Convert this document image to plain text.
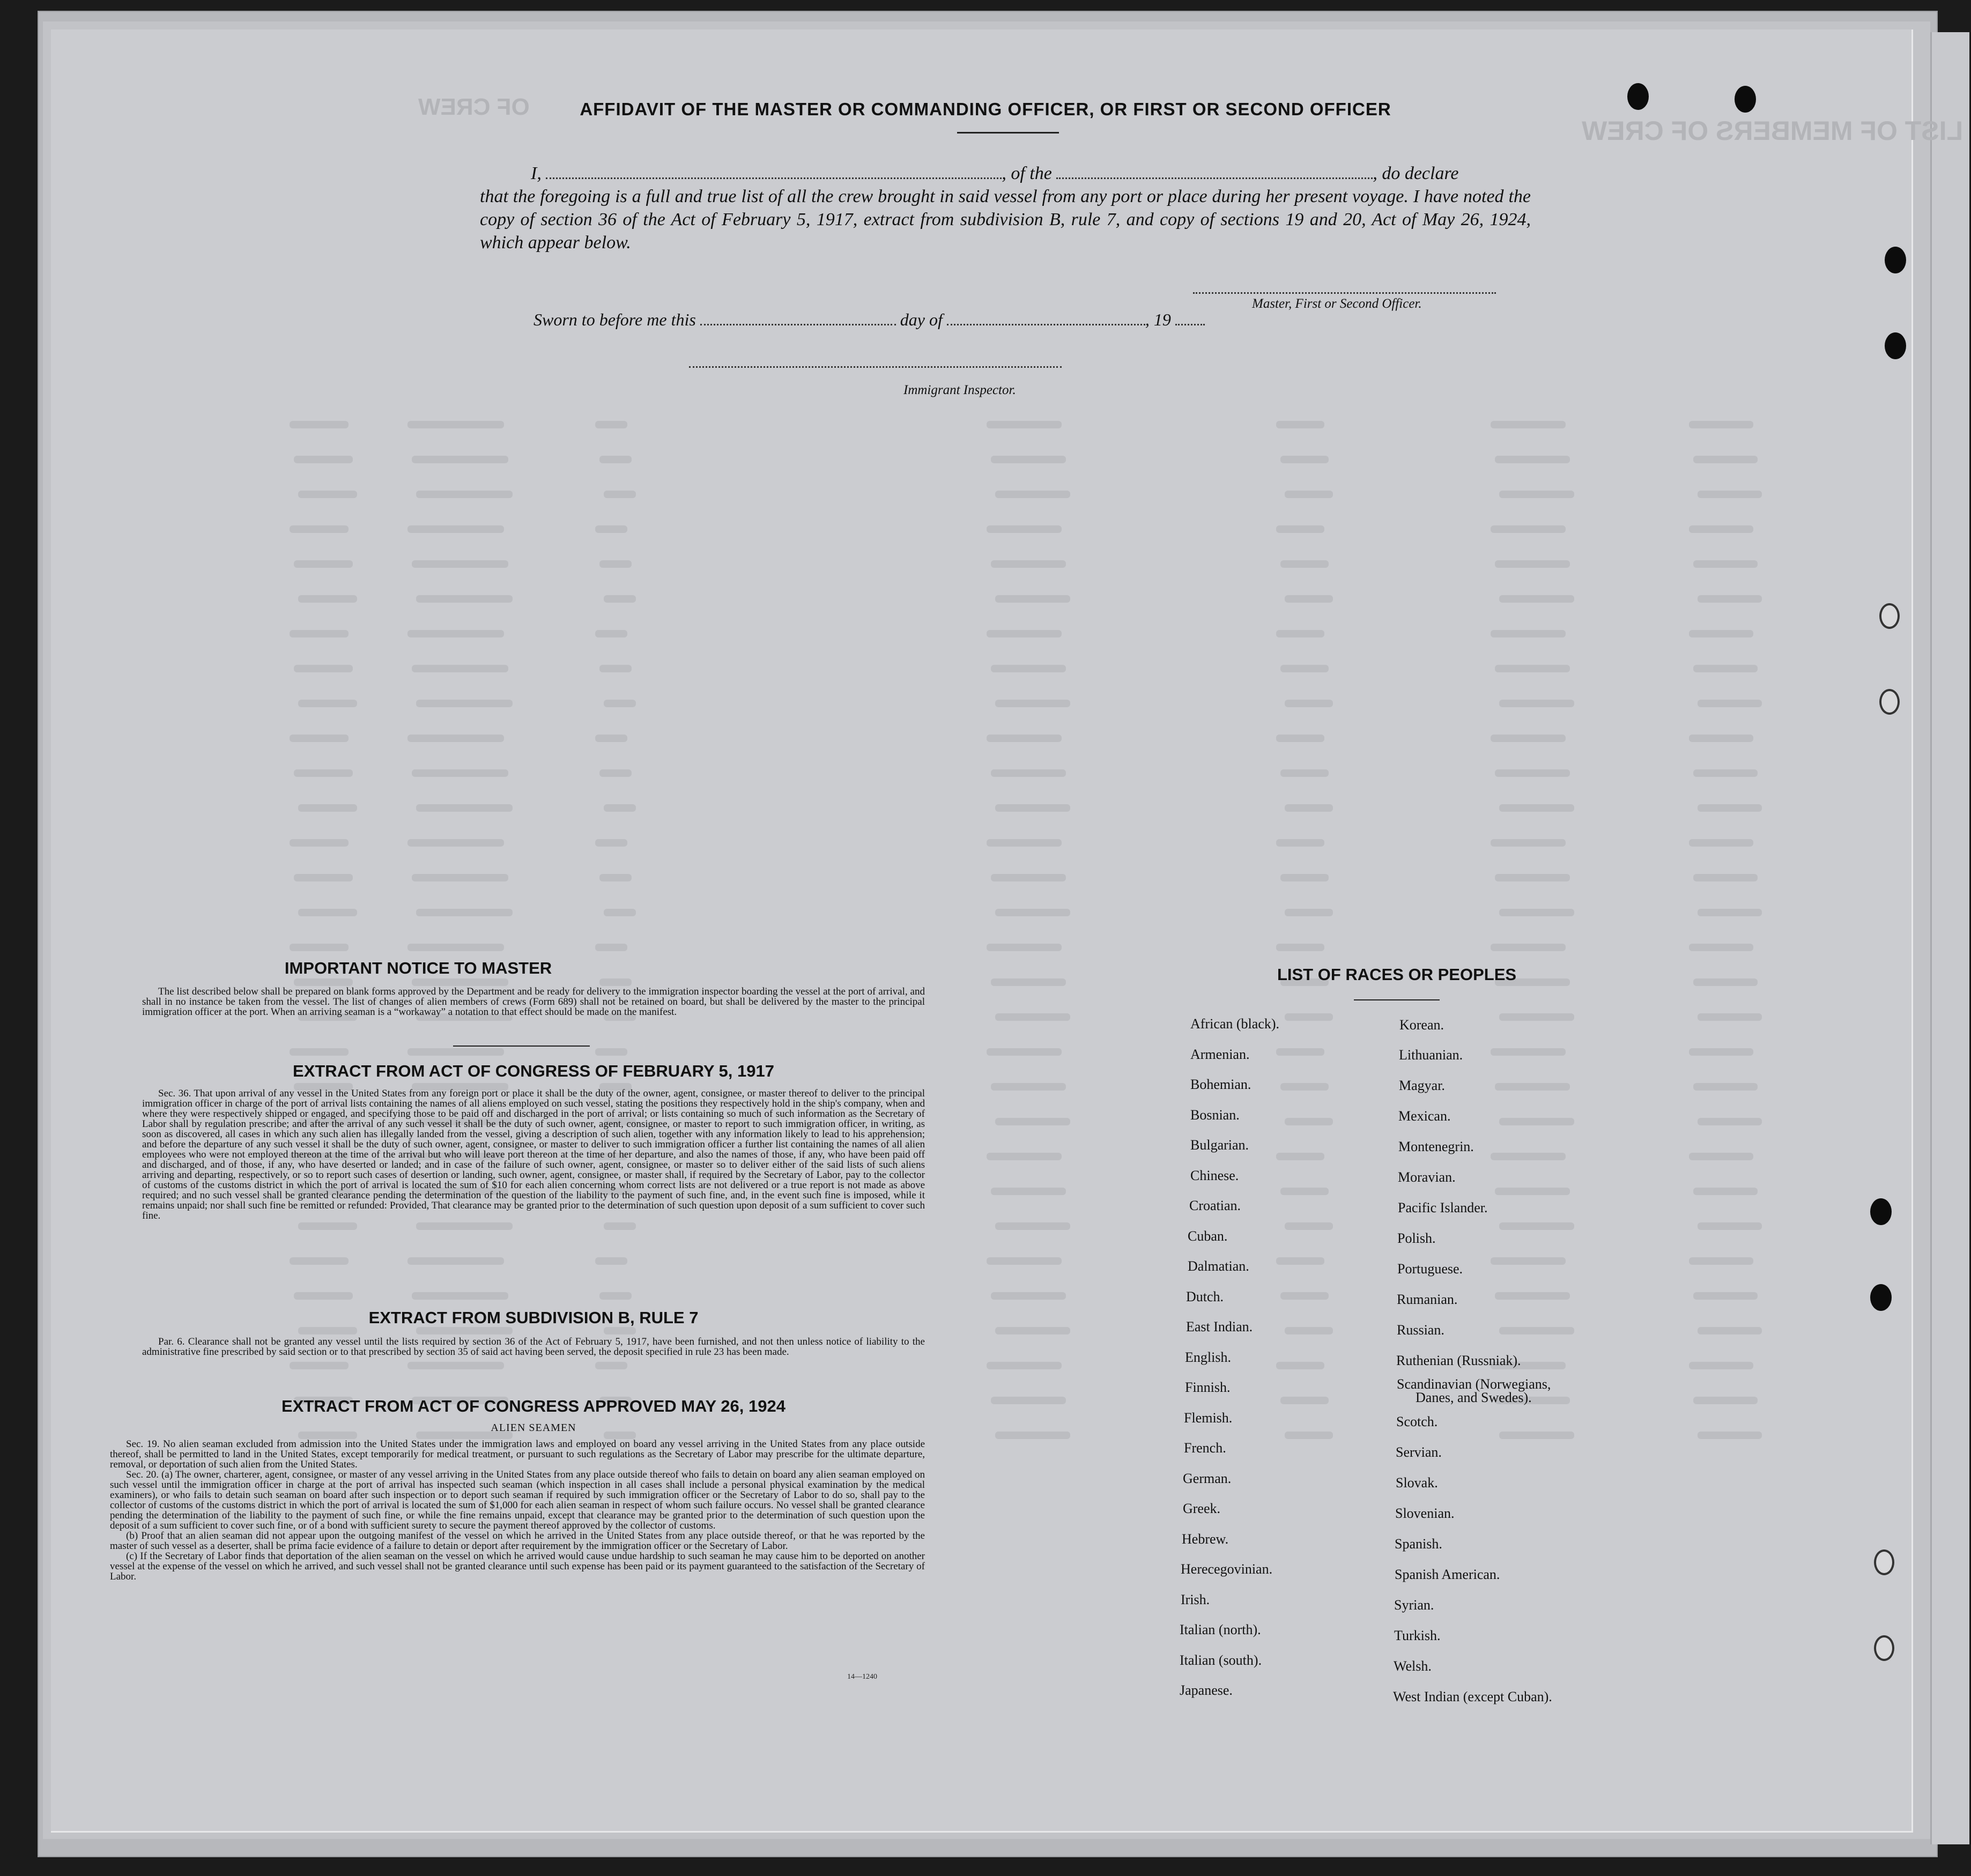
LIST OF MEMBERS OF CREW
OF CREW	AFFIDAVIT OF THE MASTER OR COMMANDING OFFICER, OR FIRST OR SECOND OFFICER
I,	, of the	, do declare
that the foregoing is a full and true list of all the crew brought in said vessel from any port or place during her present voyage. I have noted the copy of section 36 of the Act of February 5, 1917, extract from subdivision B, rule 7, and copy of sections 19 and 20, Act of May 26, 1924, which appear below.
Master, First or Second Officer.
Sworn to before me this	day of	, 19
Immigrant Inspector.
IMPORTANT NOTICE TO MASTER

The list described below shall be prepared on blank forms approved by the Department and be ready for delivery to the immigration inspector boarding the vessel at the port of arrival, and shall in no instance be taken from the vessel. The list of changes of alien members of crews (Form 689) shall not be retained on board, but shall be delivered by the master to the principal immigration officer at the port. When an arriving seaman is a “workaway” a notation to that effect should be made on the manifest.

EXTRACT FROM ACT OF CONGRESS OF FEBRUARY 5, 1917

Sec. 36. That upon arrival of any vessel in the United States from any foreign port or place it shall be the duty of the owner, agent, consignee, or master thereof to deliver to the principal immigration officer in charge of the port of arrival lists containing the names of all aliens employed on such vessel, stating the positions they respectively hold in the ship's company, when and where they were respectively shipped or engaged, and specifying those to be paid off and discharged in the port of arrival; or lists containing so much of such information as the Secretary of Labor shall by regulation prescribe; and after the arrival of any such vessel it shall be the duty of such owner, agent, consignee, or master to report to such immigration officer, in writing, as soon as discovered, all cases in which any such alien has illegally landed from the vessel, giving a description of such alien, together with any information likely to lead to his apprehension; and before the departure of any such vessel it shall be the duty of such owner, agent, consignee, or master to deliver to such immigration officer a further list containing the names of all alien employees who were not employed thereon at the time of the arrival but who will leave port thereon at the time of her departure, and also the names of those, if any, who have been paid off and discharged, and of those, if any, who have deserted or landed; and in case of the failure of such owner, agent, consignee, or master so to deliver either of the said lists of such aliens arriving and departing, respectively, or so to report such cases of desertion or landing, such owner, agent, consignee, or master shall, if required by the Secretary of Labor, pay to the collector of customs of the customs district in which the port of arrival is located the sum of $10 for each alien concerning whom correct lists are not delivered or a true report is not made as above required; and no such vessel shall be granted clearance pending the determination of the question of the liability to the payment of such fine, and, in the event such fine is imposed, while it remains unpaid; nor shall such fine be remitted or refunded: Provided, That clearance may be granted prior to the determination of such question upon deposit of a sum sufficient to cover such fine.

EXTRACT FROM SUBDIVISION B, RULE 7

Par. 6. Clearance shall not be granted any vessel until the lists required by section 36 of the Act of February 5, 1917, have been furnished, and not then unless notice of liability to the administrative fine prescribed by said section or to that prescribed by section 35 of said act having been served, the deposit specified in rule 23 has been made.

EXTRACT FROM ACT OF CONGRESS APPROVED MAY 26, 1924
ALIEN SEAMEN

Sec. 19. No alien seaman excluded from admission into the United States under the immigration laws and employed on board any vessel arriving in the United States from any place outside thereof, shall be permitted to land in the United States, except temporarily for medical treatment, or pursuant to such regulations as the Secretary of Labor may prescribe for the ultimate departure, removal, or deportation of such alien from the United States.

Sec. 20. (a) The owner, charterer, agent, consignee, or master of any vessel arriving in the United States from any place outside thereof who fails to detain on board any alien seaman employed on such vessel until the immigration officer in charge at the port of arrival has inspected such seaman (which inspection in all cases shall include a personal physical examination by the medical examiners), or who fails to detain such seaman on board after such inspection or to deport such seaman if required by such immigration officer or the Secretary of Labor to do so, shall pay to the collector of customs of the customs district in which the port of arrival is located the sum of $1,000 for each alien seaman in respect of whom such failure occurs. No vessel shall be granted clearance pending the determination of the liability to the payment of such fine, or while the fine remains unpaid, except that clearance may be granted prior to the determination of such question upon the deposit of a sum sufficient to cover such fine, or of a bond with sufficient surety to secure the payment thereof approved by the collector of customs.

(b) Proof that an alien seaman did not appear upon the outgoing manifest of the vessel on which he arrived in the United States from any place outside thereof, or that he was reported by the master of such vessel as a deserter, shall be prima facie evidence of a failure to detain or deport after requirement by the immigration officer or the Secretary of Labor.

(c) If the Secretary of Labor finds that deportation of the alien seaman on the vessel on which he arrived would cause undue hardship to such seaman he may cause him to be deported on another vessel at the expense of the vessel on which he arrived, and such vessel shall not be granted clearance until such expense has been paid or its payment guaranteed to the satisfaction of the Secretary of Labor.

14—1240
LIST OF RACES OR PEOPLES
African (black).
Armenian.
Bohemian.
Bosnian.
Bulgarian.
Chinese.
Croatian.
Cuban.
Dalmatian.
Dutch.
East Indian.
English.
Finnish.
Flemish.
French.
German.
Greek.
Hebrew.
Herecegovinian.
Irish.
Italian (north).
Italian (south).
Japanese.
Korean.
Lithuanian.
Magyar.
Mexican.
Montenegrin.
Moravian.
Pacific Islander.
Polish.
Portuguese.
Rumanian.
Russian.
Ruthenian (Russniak).
Scandinavian (Norwegians,
Danes, and Swedes).
Scotch.
Servian.
Slovak.
Slovenian.
Spanish.
Spanish American.
Syrian.
Turkish.
Welsh.
West Indian (except Cuban).
